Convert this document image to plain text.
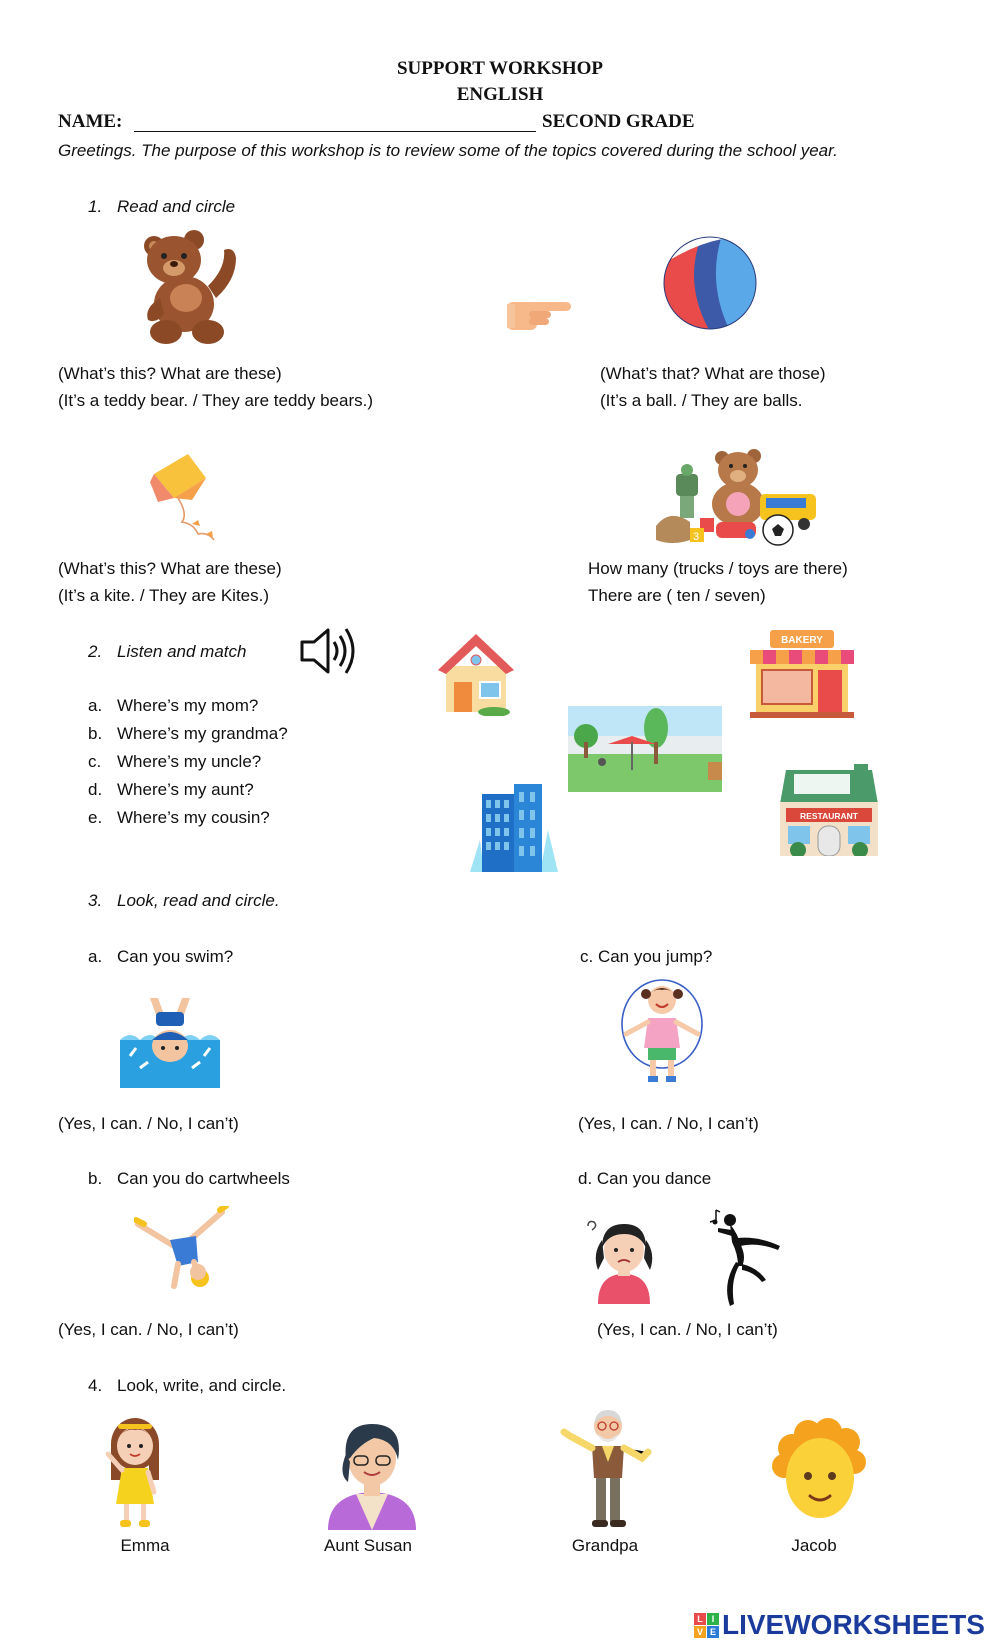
SUPPORT WORKSHOP
ENGLISH
NAME:	SECOND GRADE
Greetings. The purpose of this workshop is to review some of the topics covered during the school year.
1. Read and circle
(What’s this? What are these)
(It’s a teddy bear. / They are teddy bears.)
(What’s that? What are those)
(It’s a ball. / They are balls.
3
(What’s this? What are these)
(It’s a kite. / They are Kites.)
How many (trucks / toys are there)
There are ( ten / seven)
2. Listen and match
a. Where’s my mom?
b. Where’s my grandma?
c. Where’s my uncle?
d. Where’s my aunt?
e. Where’s my cousin?
BAKERY
RESTAURANT
3. Look, read and circle.
a. Can you swim?	c. Can you jump?
(Yes, I can. / No, I can’t)	(Yes, I can. / No, I can’t)
b. Can you do cartwheels	d. Can you dance
(Yes, I can. / No, I can’t)	(Yes, I can. / No, I can’t)
4. Look, write, and circle.
Emma	Aunt Susan	Grandpa	Jacob
L I
V E LIVEWORKSHEETS
